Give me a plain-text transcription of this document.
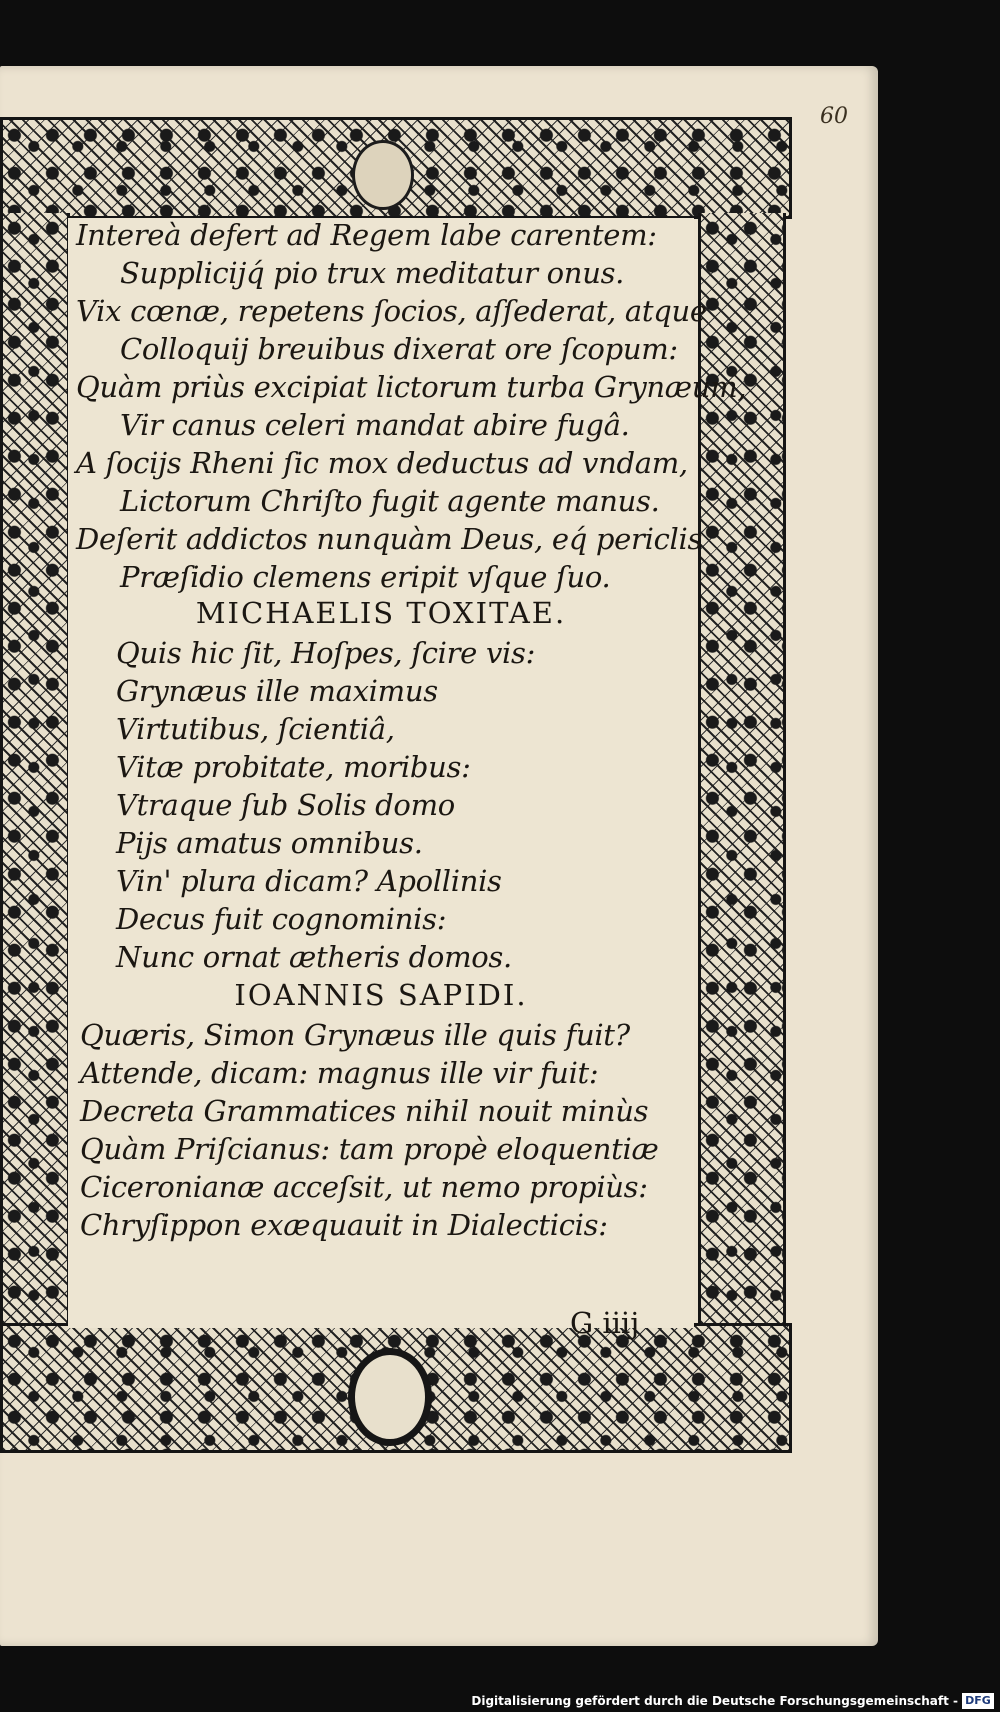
60
Intereà defert ad Regem labe carentem:
Supplicijq́ pio trux meditatur onus.
Vix cœnæ, repetens ſocios, aſſederat, atque
Colloquij breuibus dixerat ore ſcopum:
Quàm priùs excipiat lictorum turba Grynæum,
Vir canus celeri mandat abire fugâ.
A ſocijs Rheni ſic mox deductus ad vndam,
Lictorum Chriſto fugit agente manus.
Deſerit addictos nunquàm Deus, eq́ periclis
Præſidio clemens eripit vſque ſuo.
MICHAELIS TOXITAE.
Quis hic ſit, Hoſpes, ſcire vis:
Grynæus ille maximus
Virtutibus, ſcientiâ,
Vitæ probitate, moribus:
Vtraque ſub Solis domo
Pijs amatus omnibus.
Vin' plura dicam? Apollinis
Decus fuit cognominis:
Nunc ornat ætheris domos.
IOANNIS SAPIDI.
Quæris, Simon Grynæus ille quis fuit?
Attende, dicam: magnus ille vir fuit:
Decreta Grammatices nihil nouit minùs
Quàm Priſcianus: tam propè eloquentiæ
Ciceronianæ acceſsit, ut nemo propiùs:
Chryſippon exæquauit in Dialecticis:
G iiij
Digitalisierung gefördert durch die Deutsche Forschungsgemeinschaft - DFG
